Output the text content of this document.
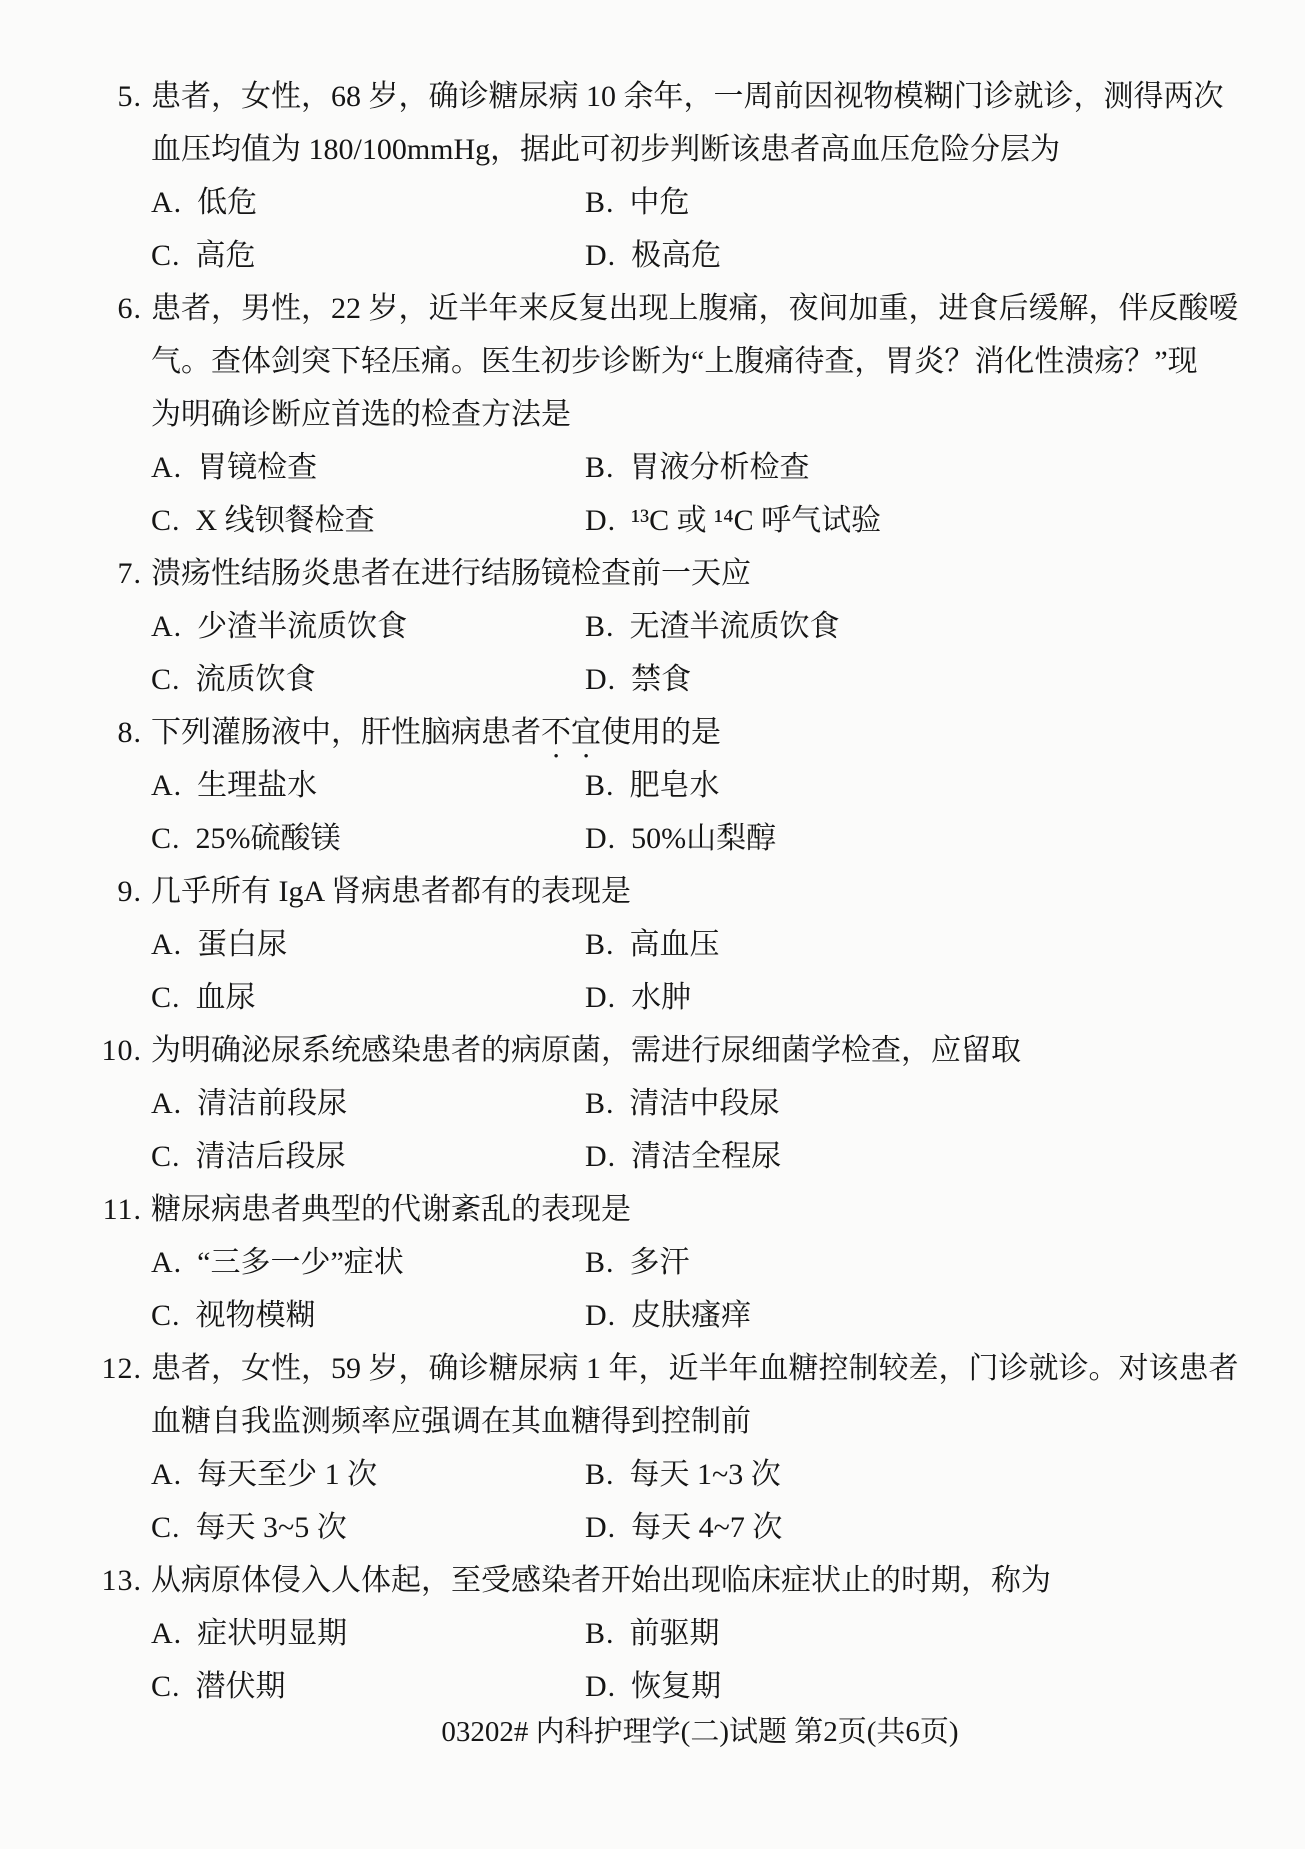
5. 患者，女性，68 岁，确诊糖尿病 10 余年，一周前因视物模糊门诊就诊，测得两次
血压均值为 180/100mmHg，据此可初步判断该患者高血压危险分层为
A. 低危	B. 中危
C. 高危	D. 极高危
6. 患者，男性，22 岁，近半年来反复出现上腹痛，夜间加重，进食后缓解，伴反酸嗳
气。查体剑突下轻压痛。医生初步诊断为“上腹痛待查，胃炎？消化性溃疡？”现
为明确诊断应首选的检查方法是
A. 胃镜检查	B. 胃液分析检查
C. X 线钡餐检查	D. ¹³C 或 ¹⁴C 呼气试验
7. 溃疡性结肠炎患者在进行结肠镜检查前一天应
A. 少渣半流质饮食	B. 无渣半流质饮食
C. 流质饮食	D. 禁食
8. 下列灌肠液中，肝性脑病患者不宜使用的是
A. 生理盐水	B. 肥皂水
C. 25%硫酸镁	D. 50%山梨醇
9. 几乎所有 IgA 肾病患者都有的表现是
A. 蛋白尿	B. 高血压
C. 血尿	D. 水肿
10. 为明确泌尿系统感染患者的病原菌，需进行尿细菌学检查，应留取
A. 清洁前段尿	B. 清洁中段尿
C. 清洁后段尿	D. 清洁全程尿
11. 糖尿病患者典型的代谢紊乱的表现是
A. “三多一少”症状	B. 多汗
C. 视物模糊	D. 皮肤瘙痒
12. 患者，女性，59 岁，确诊糖尿病 1 年，近半年血糖控制较差，门诊就诊。对该患者
血糖自我监测频率应强调在其血糖得到控制前
A. 每天至少 1 次	B. 每天 1~3 次
C. 每天 3~5 次	D. 每天 4~7 次
13. 从病原体侵入人体起，至受感染者开始出现临床症状止的时期，称为
A. 症状明显期	B. 前驱期
C. 潜伏期	D. 恢复期
03202# 内科护理学(二)试题 第2页(共6页)
